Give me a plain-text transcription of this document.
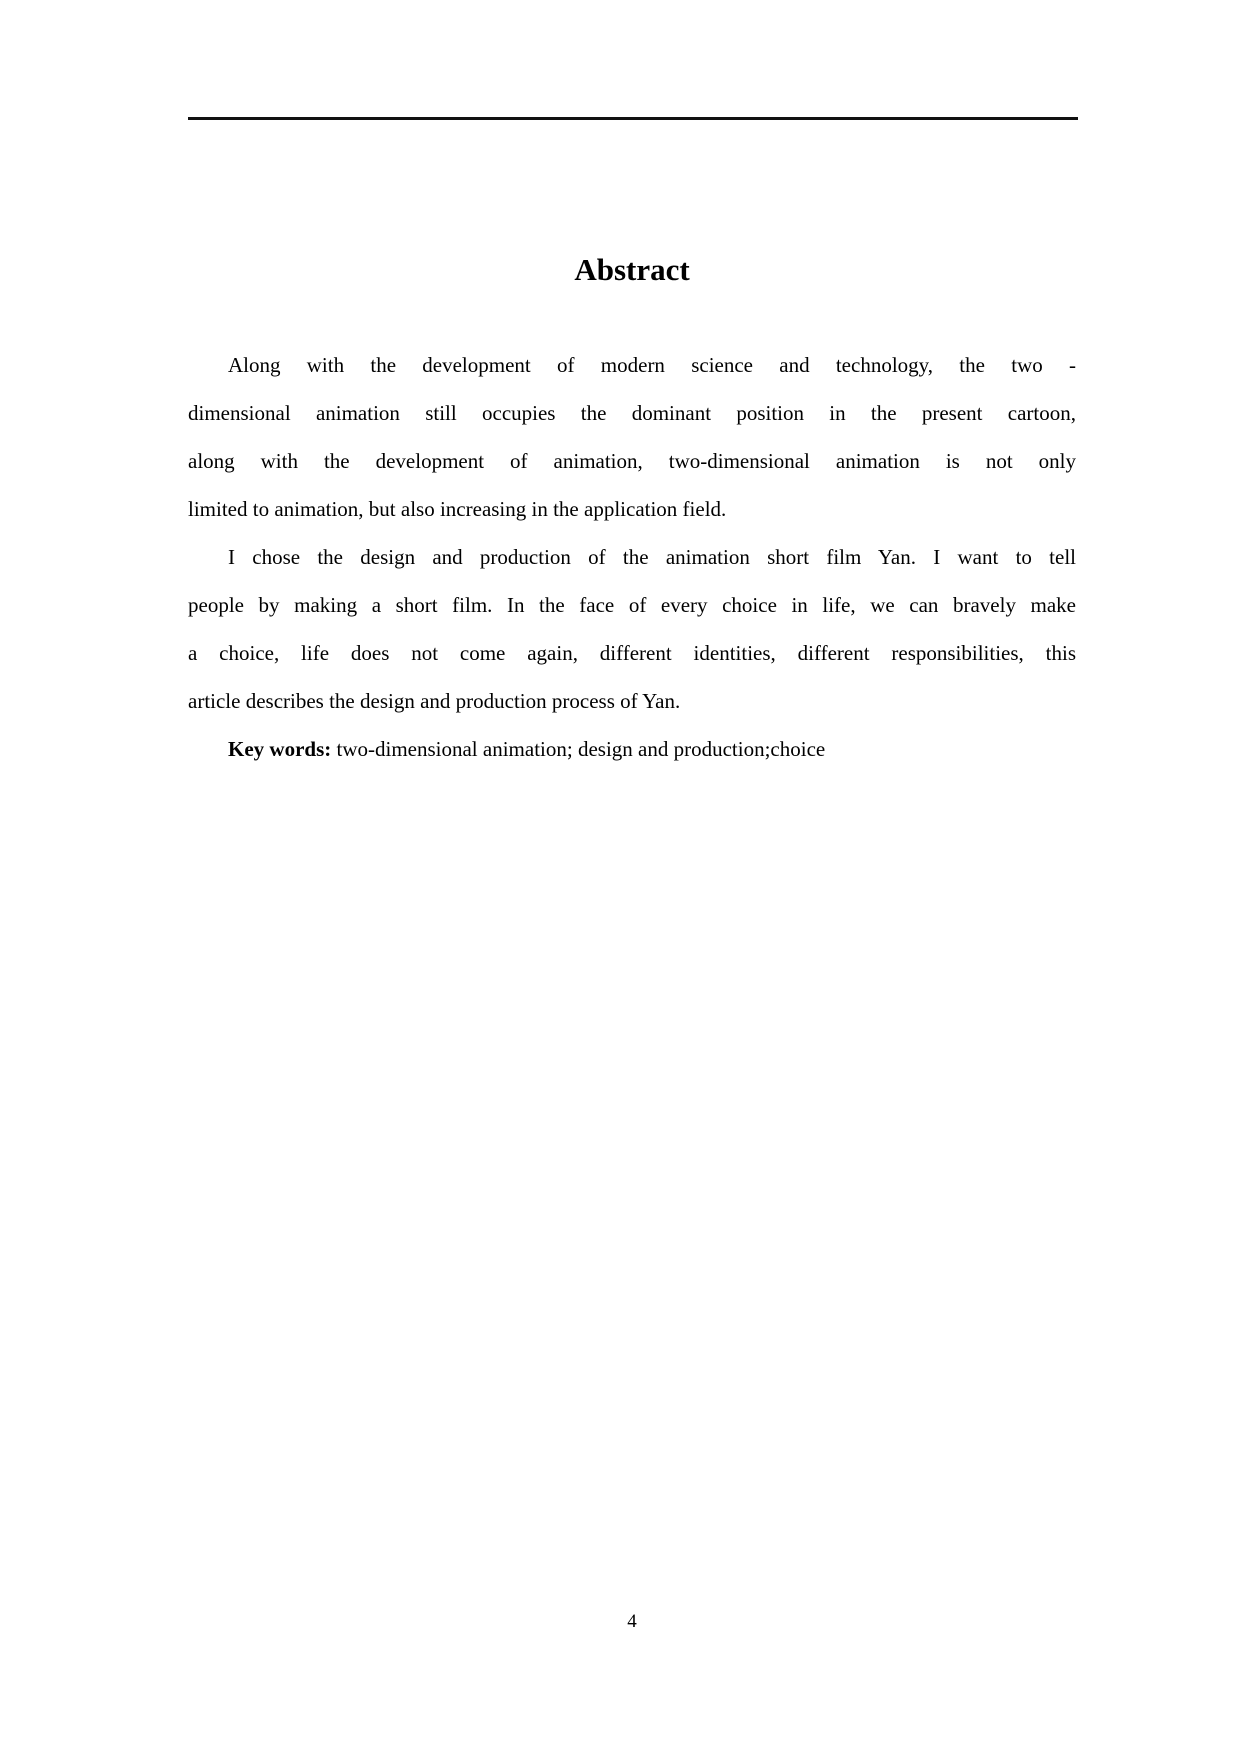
Abstract
Along with the development of modern science and technology, the two -
dimensional animation still occupies the dominant position in the present cartoon,
along with the development of animation, two-dimensional animation is not only
limited to animation, but also increasing in the application field.
I chose the design and production of the animation short film Yan. I want to tell
people by making a short film. In the face of every choice in life, we can bravely make
a choice, life does not come again, different identities, different responsibilities, this
article describes the design and production process of Yan.
Key words: two-dimensional animation; design and production;choice
4
